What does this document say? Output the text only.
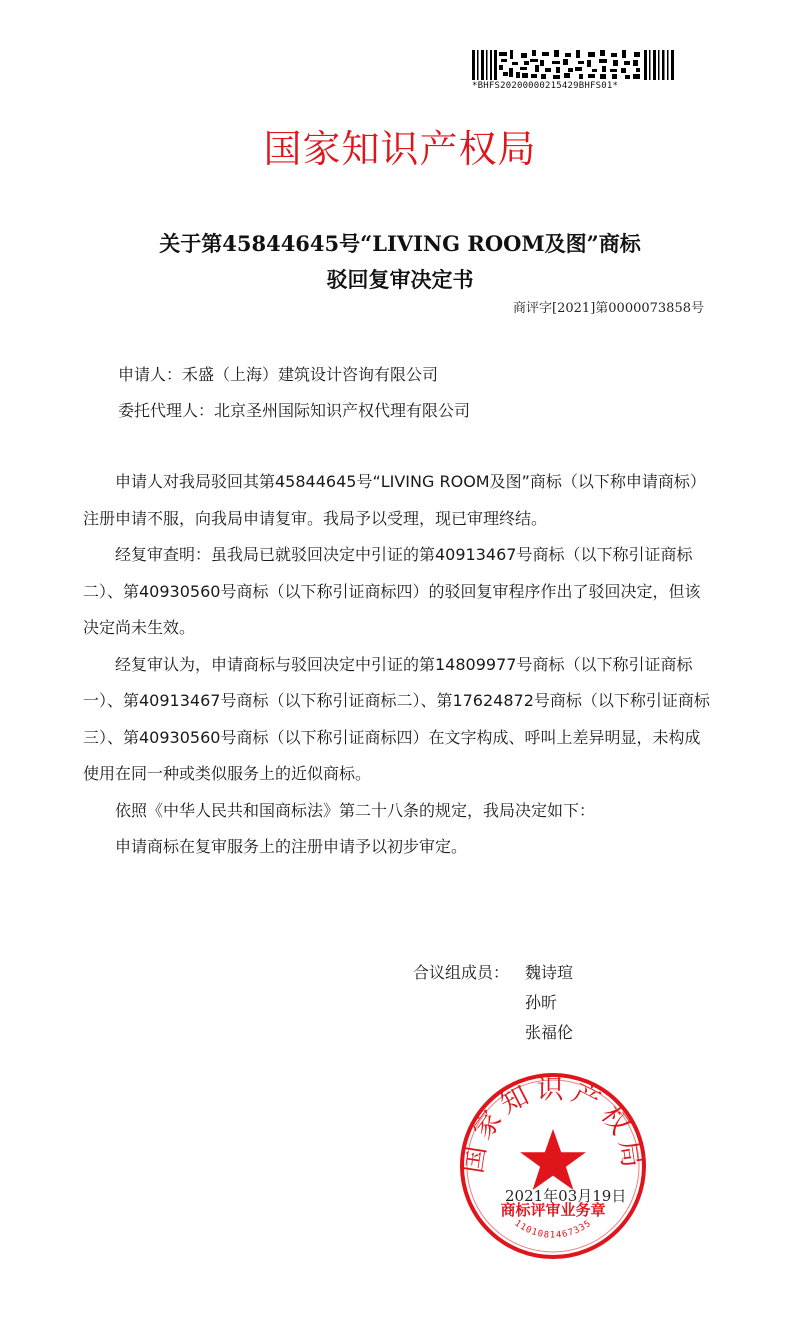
*BHFS20200000215429BHFS01*
国家知识产权局
关于第45844645号“LIVING ROOM及图”商标
驳回复审决定书
商评字[2021]第0000073858号
申请人：禾盛（上海）建筑设计咨询有限公司
委托代理人：北京圣州国际知识产权代理有限公司

申请人对我局驳回其第45844645号“LIVING ROOM及图”商标（以下称申请商标）注册申请不服，向我局申请复审。我局予以受理，现已审理终结。

经复审查明：虽我局已就驳回决定中引证的第40913467号商标（以下称引证商标二）、第40930560号商标（以下称引证商标四）的驳回复审程序作出了驳回决定，但该决定尚未生效。

经复审认为，申请商标与驳回决定中引证的第14809977号商标（以下称引证商标一）、第40913467号商标（以下称引证商标二）、第17624872号商标（以下称引证商标三）、第40930560号商标（以下称引证商标四）在文字构成、呼叫上差异明显，未构成使用在同一种或类似服务上的近似商标。

依照《中华人民共和国商标法》第二十八条的规定，我局决定如下：

申请商标在复审服务上的注册申请予以初步审定。

合议组成员： 魏诗瑄
孙昕
张福伦
国家知识产权局
商标评审业务章
1101081467335
2021年03月19日
